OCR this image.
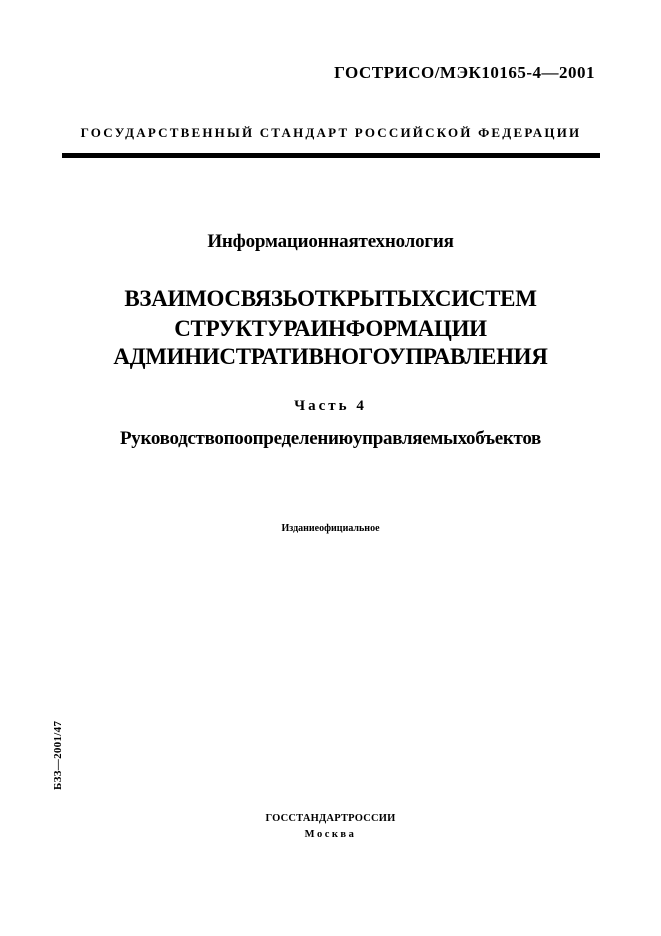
ГОСТРИСО/МЭК10165-4—2001
ГОСУДАРСТВЕННЫЙ СТАНДАРТ РОССИЙСКОЙ ФЕДЕРАЦИИ
Информационнаятехнология
ВЗАИМОСВЯЗЬОТКРЫТЫХСИСТЕМ
СТРУКТУРАИНФОРМАЦИИ
АДМИНИСТРАТИВНОГОУПРАВЛЕНИЯ
Часть 4
Руководствопоопределениюуправляемыхобъектов
Изданиеофициальное
БЗЗ—2001/47
ГОССТАНДАРТРОССИИ
Москва
